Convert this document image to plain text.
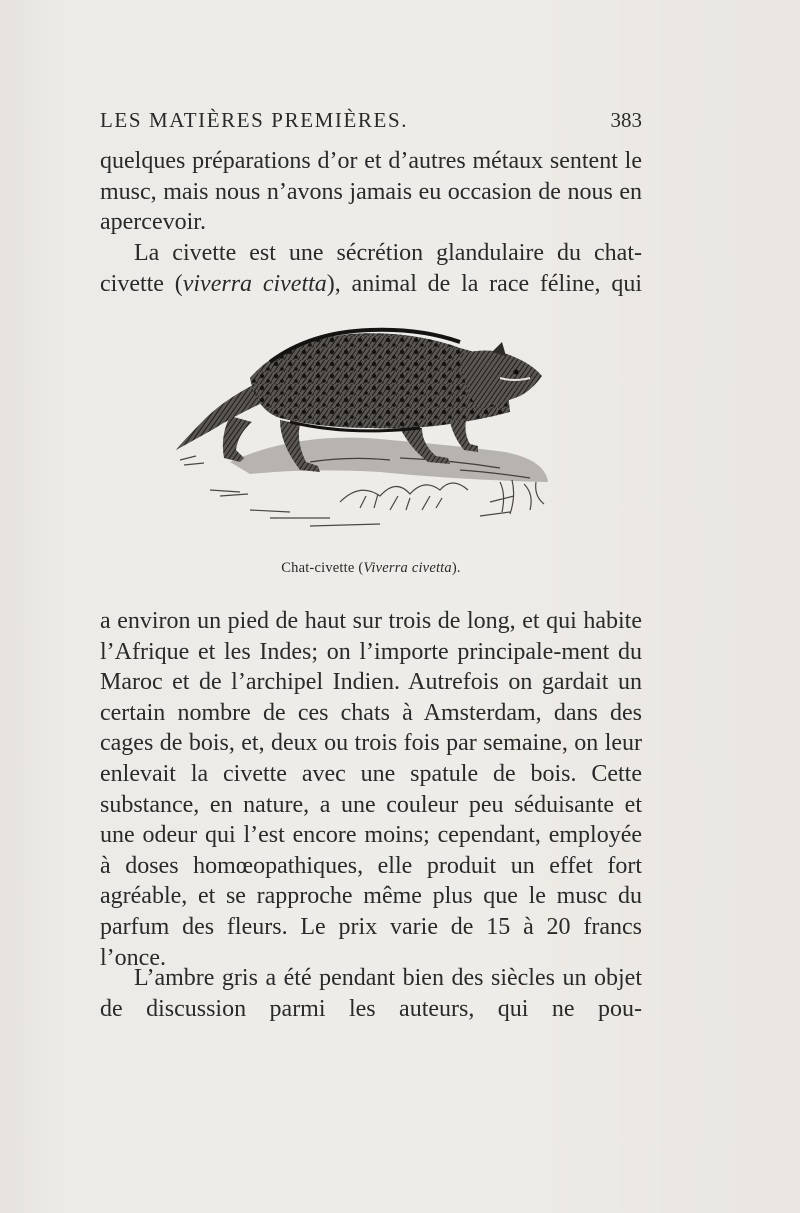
LES MATIÈRES PREMIÈRES.	383

quelques préparations d’or et d’autres métaux sentent le musc, mais nous n’avons jamais eu occasion de nous en apercevoir.

La civette est une sécrétion glandulaire du chat-civette (viverra civetta), animal de la race féline, qui

Chat-civette (Viverra civetta).

a environ un pied de haut sur trois de long, et qui habite l’Afrique et les Indes; on l’importe principale-ment du Maroc et de l’archipel Indien. Autrefois on gardait un certain nombre de ces chats à Amsterdam, dans des cages de bois, et, deux ou trois fois par semaine, on leur enlevait la civette avec une spatule de bois. Cette substance, en nature, a une couleur peu séduisante et une odeur qui l’est encore moins; cependant, employée à doses homœopathiques, elle produit un effet fort agréable, et se rapproche même plus que le musc du parfum des fleurs. Le prix varie de 15 à 20 francs l’once.

L’ambre gris a été pendant bien des siècles un objet de discussion parmi les auteurs, qui ne pou-
